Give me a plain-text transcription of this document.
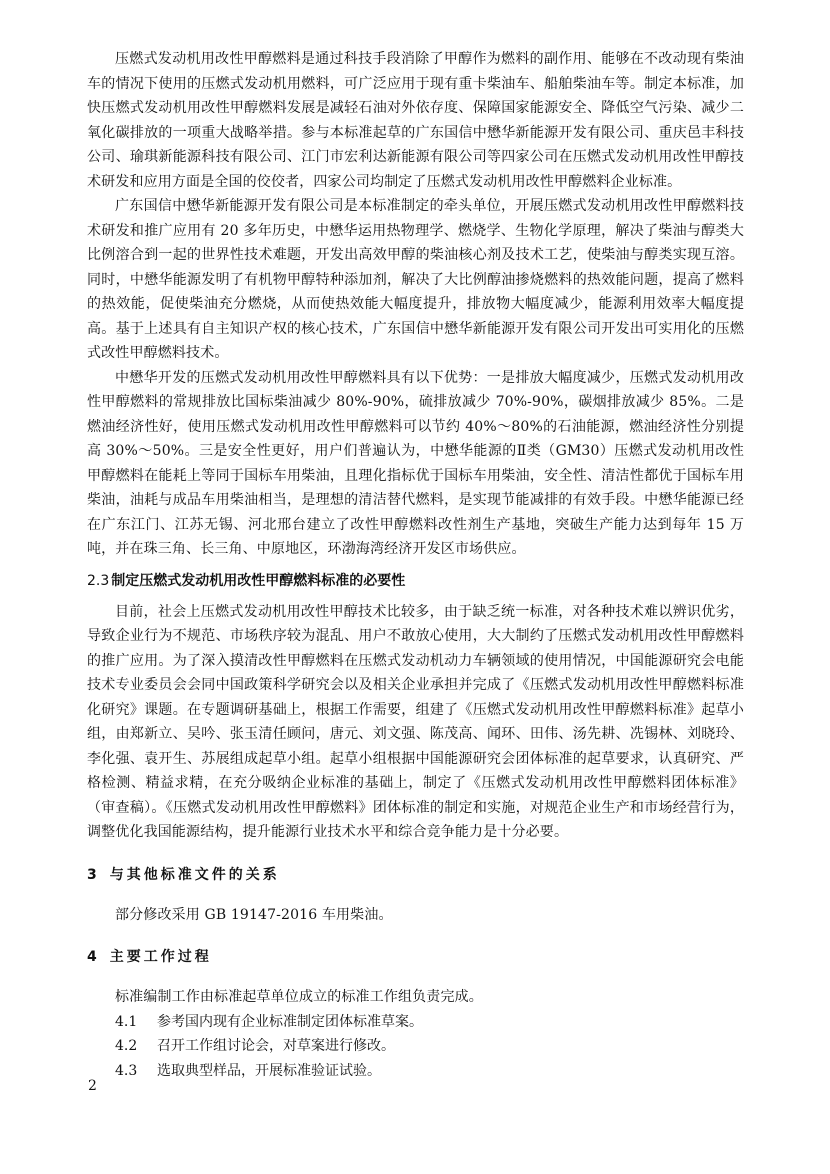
压燃式发动机用改性甲醇燃料是通过科技手段消除了甲醇作为燃料的副作用、能够在不改动现有柴油车的情况下使用的压燃式发动机用燃料，可广泛应用于现有重卡柴油车、船舶柴油车等。制定本标准，加快压燃式发动机用改性甲醇燃料发展是减轻石油对外依存度、保障国家能源安全、降低空气污染、减少二氧化碳排放的一项重大战略举措。参与本标准起草的广东国信中懋华新能源开发有限公司、重庆邑丰科技公司、瑜琪新能源科技有限公司、江门市宏利达新能源有限公司等四家公司在压燃式发动机用改性甲醇技术研发和应用方面是全国的佼佼者，四家公司均制定了压燃式发动机用改性甲醇燃料企业标准。

广东国信中懋华新能源开发有限公司是本标准制定的牵头单位，开展压燃式发动机用改性甲醇燃料技术研发和推广应用有 20 多年历史，中懋华运用热物理学、燃烧学、生物化学原理，解决了柴油与醇类大比例溶合到一起的世界性技术难题，开发出高效甲醇的柴油核心剂及技术工艺，使柴油与醇类实现互溶。同时，中懋华能源发明了有机物甲醇特种添加剂，解决了大比例醇油掺烧燃料的热效能问题，提高了燃料的热效能，促使柴油充分燃烧，从而使热效能大幅度提升，排放物大幅度减少，能源利用效率大幅度提高。基于上述具有自主知识产权的核心技术，广东国信中懋华新能源开发有限公司开发出可实用化的压燃式改性甲醇燃料技术。

中懋华开发的压燃式发动机用改性甲醇燃料具有以下优势：一是排放大幅度减少，压燃式发动机用改性甲醇燃料的常规排放比国标柴油减少 80%-90%，硫排放减少 70%-90%，碳烟排放减少 85%。二是燃油经济性好，使用压燃式发动机用改性甲醇燃料可以节约 40%～80%的石油能源，燃油经济性分别提高 30%～50%。三是安全性更好，用户们普遍认为，中懋华能源的Ⅱ类（GM30）压燃式发动机用改性甲醇燃料在能耗上等同于国标车用柴油，且理化指标优于国标车用柴油，安全性、清洁性都优于国标车用柴油，油耗与成品车用柴油相当，是理想的清洁替代燃料，是实现节能减排的有效手段。中懋华能源已经在广东江门、江苏无锡、河北邢台建立了改性甲醇燃料改性剂生产基地，突破生产能力达到每年 15 万吨，并在珠三角、长三角、中原地区，环渤海湾经济开发区市场供应。

2.3 制定压燃式发动机用改性甲醇燃料标准的必要性

目前，社会上压燃式发动机用改性甲醇技术比较多，由于缺乏统一标准，对各种技术难以辨识优劣，导致企业行为不规范、市场秩序较为混乱、用户不敢放心使用，大大制约了压燃式发动机用改性甲醇燃料的推广应用。为了深入摸清改性甲醇燃料在压燃式发动机动力车辆领域的使用情况，中国能源研究会电能技术专业委员会会同中国政策科学研究会以及相关企业承担并完成了《压燃式发动机用改性甲醇燃料标准化研究》课题。在专题调研基础上，根据工作需要，组建了《压燃式发动机用改性甲醇燃料标准》起草小组，由郑新立、吴吟、张玉清任顾问，唐元、刘文强、陈茂高、闻环、田伟、汤先耕、冼锡林、刘晓玲、李化强、袁开生、苏展组成起草小组。起草小组根据中国能源研究会团体标准的起草要求，认真研究、严格检测、精益求精，在充分吸纳企业标准的基础上，制定了《压燃式发动机用改性甲醇燃料团体标准》（审查稿）。《压燃式发动机用改性甲醇燃料》团体标准的制定和实施，对规范企业生产和市场经营行为，调整优化我国能源结构，提升能源行业技术水平和综合竞争能力是十分必要。

3 与其他标准文件的关系

部分修改采用 GB 19147-2016 车用柴油。

4 主要工作过程

标准编制工作由标准起草单位成立的标准工作组负责完成。

4.1 参考国内现有企业标准制定团体标准草案。
4.2 召开工作组讨论会，对草案进行修改。
4.3 选取典型样品，开展标准验证试验。
2
